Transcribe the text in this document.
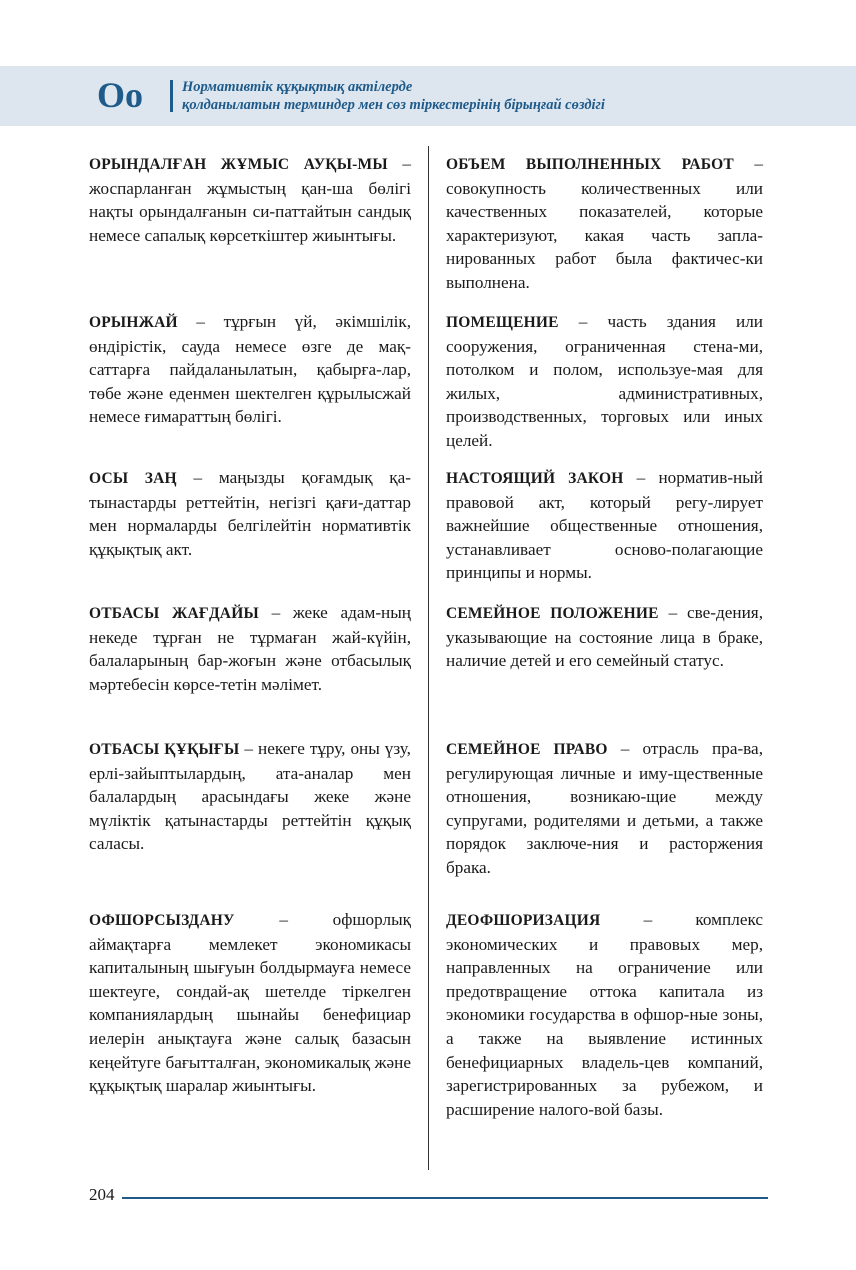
Оо	Нормативтік құқықтық актілерде
қолданылатын терминдер мен сөз тіркестерінің бірыңғай сөздігі
ОРЫНДАЛҒАН ЖҰМЫС АУҚЫ-МЫ – жоспарланған жұмыстың қан-ша бөлігі нақты орындалғанын си-паттайтын сандық немесе сапалық көрсеткіштер жиынтығы.
ОБЪЕМ ВЫПОЛНЕННЫХ РАБОТ – совокупность количественных или качественных показателей, которые характеризуют, какая часть запла-нированных работ была фактичес-ки выполнена.
ОРЫНЖАЙ – тұрғын үй, әкімшілік, өндірістік, сауда немесе өзге де мақ-саттарға пайдаланылатын, қабырға-лар, төбе және еденмен шектелген құрылысжай немесе ғимараттың бөлігі.
ПОМЕЩЕНИЕ – часть здания или сооружения, ограниченная стена-ми, потолком и полом, используе-мая для жилых, административных, производственных, торговых или иных целей.
ОСЫ ЗАҢ – маңызды қоғамдық қа-тынастарды реттейтін, негізгі қағи-даттар мен нормаларды белгілейтін нормативтік құқықтық акт.
НАСТОЯЩИЙ ЗАКОН – норматив-ный правовой акт, который регу-лирует важнейшие общественные отношения, устанавливает осново-полагающие принципы и нормы.
ОТБАСЫ ЖАҒДАЙЫ – жеке адам-ның некеде тұрған не тұрмаған жай-күйін, балаларының бар-жоғын және отбасылық мәртебесін көрсе-тетін мәлімет.
СЕМЕЙНОЕ ПОЛОЖЕНИЕ – све-дения, указывающие на состояние лица в браке, наличие детей и его семейный статус.
ОТБАСЫ ҚҰҚЫҒЫ – некеге тұру, оны үзу, ерлі-зайыптылардың, ата-аналар мен балалардың арасындағы жеке және мүліктік қатынастарды реттейтін құқық саласы.
СЕМЕЙНОЕ ПРАВО – отрасль пра-ва, регулирующая личные и иму-щественные отношения, возникаю-щие между супругами, родителями и детьми, а также порядок заключе-ния и расторжения брака.
ОФШОРСЫЗДАНУ – офшорлық аймақтарға мемлекет экономикасы капиталының шығуын болдырмауға немесе шектеуге, сондай-ақ шетелде тіркелген компаниялардың шынайы бенефициар иелерін анықтауға және салық базасын кеңейтуге бағытталған, экономикалық және құқықтық шаралар жиынтығы.
ДЕОФШОРИЗАЦИЯ – комплекс экономических и правовых мер, направленных на ограничение или предотвращение оттока капитала из экономики государства в офшор-ные зоны, а также на выявление истинных бенефициарных владель-цев компаний, зарегистрированных за рубежом, и расширение налого-вой базы.
204
